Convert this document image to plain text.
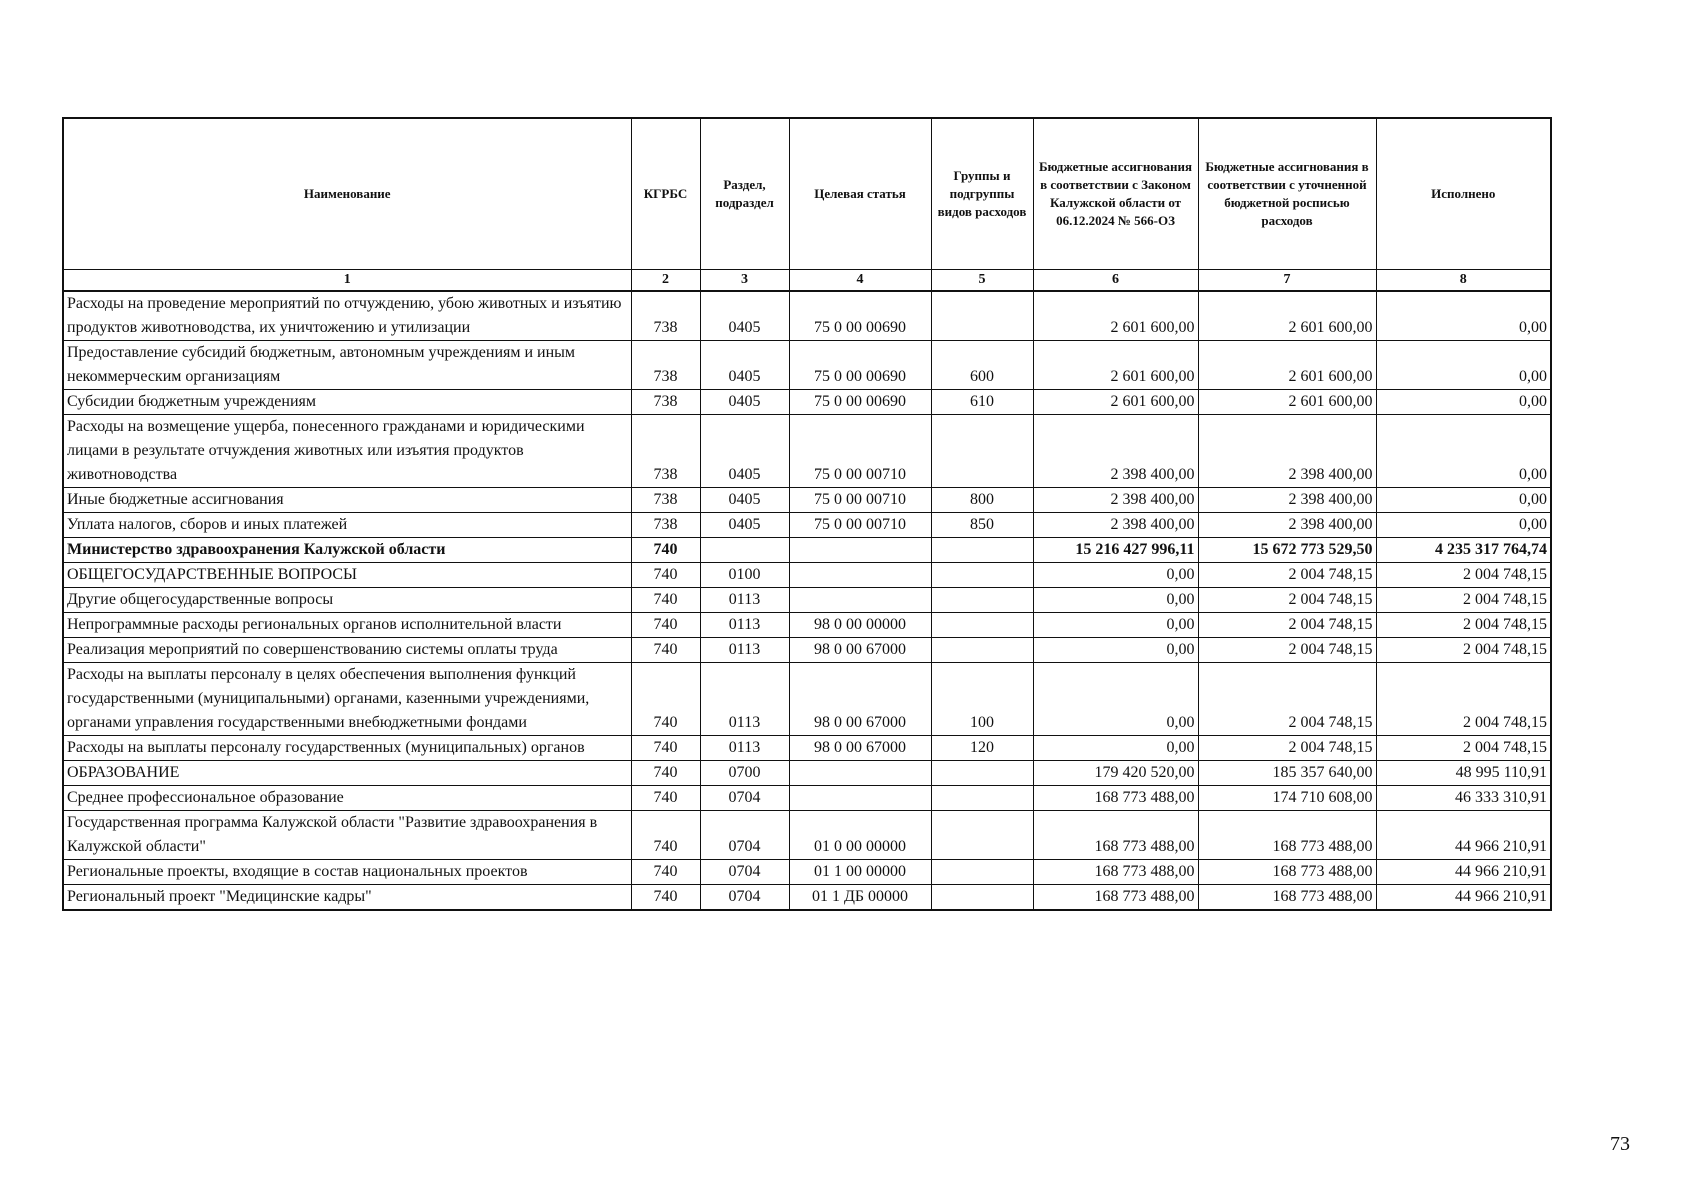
Наименование	КГРБС	Раздел, подраздел	Целевая статья	Группы и подгруппы видов расходов	Бюджетные ассигнования в соответствии с Законом Калужской области от 06.12.2024 № 566-ОЗ	Бюджетные ассигнования в соответствии с уточненной бюджетной росписью расходов	Исполнено
1	2	3	4	5	6	7	8
Расходы на проведение мероприятий по отчуждению, убою животных и изъятию продуктов животноводства, их уничтожению и утилизации	738	0405	75 0 00 00690		2 601 600,00	2 601 600,00	0,00
Предоставление субсидий бюджетным, автономным учреждениям и иным некоммерческим организациям	738	0405	75 0 00 00690	600	2 601 600,00	2 601 600,00	0,00
Субсидии бюджетным учреждениям	738	0405	75 0 00 00690	610	2 601 600,00	2 601 600,00	0,00
Расходы на возмещение ущерба, понесенного гражданами и юридическими лицами в результате отчуждения животных или изъятия продуктов животноводства	738	0405	75 0 00 00710		2 398 400,00	2 398 400,00	0,00
Иные бюджетные ассигнования	738	0405	75 0 00 00710	800	2 398 400,00	2 398 400,00	0,00
Уплата налогов, сборов и иных платежей	738	0405	75 0 00 00710	850	2 398 400,00	2 398 400,00	0,00
Министерство здравоохранения Калужской области	740				15 216 427 996,11	15 672 773 529,50	4 235 317 764,74
ОБЩЕГОСУДАРСТВЕННЫЕ ВОПРОСЫ	740	0100			0,00	2 004 748,15	2 004 748,15
Другие общегосударственные вопросы	740	0113			0,00	2 004 748,15	2 004 748,15
Непрограммные расходы региональных органов исполнительной власти	740	0113	98 0 00 00000		0,00	2 004 748,15	2 004 748,15
Реализация мероприятий по совершенствованию системы оплаты труда	740	0113	98 0 00 67000		0,00	2 004 748,15	2 004 748,15
Расходы на выплаты персоналу в целях обеспечения выполнения функций государственными (муниципальными) органами, казенными учреждениями, органами управления государственными внебюджетными фондами	740	0113	98 0 00 67000	100	0,00	2 004 748,15	2 004 748,15
Расходы на выплаты персоналу государственных (муниципальных) органов	740	0113	98 0 00 67000	120	0,00	2 004 748,15	2 004 748,15
ОБРАЗОВАНИЕ	740	0700			179 420 520,00	185 357 640,00	48 995 110,91
Среднее профессиональное образование	740	0704			168 773 488,00	174 710 608,00	46 333 310,91
Государственная программа Калужской области "Развитие здравоохранения в Калужской области"	740	0704	01 0 00 00000		168 773 488,00	168 773 488,00	44 966 210,91
Региональные проекты, входящие в состав национальных проектов	740	0704	01 1 00 00000		168 773 488,00	168 773 488,00	44 966 210,91
Региональный проект "Медицинские кадры"	740	0704	01 1 ДБ 00000		168 773 488,00	168 773 488,00	44 966 210,91
73
